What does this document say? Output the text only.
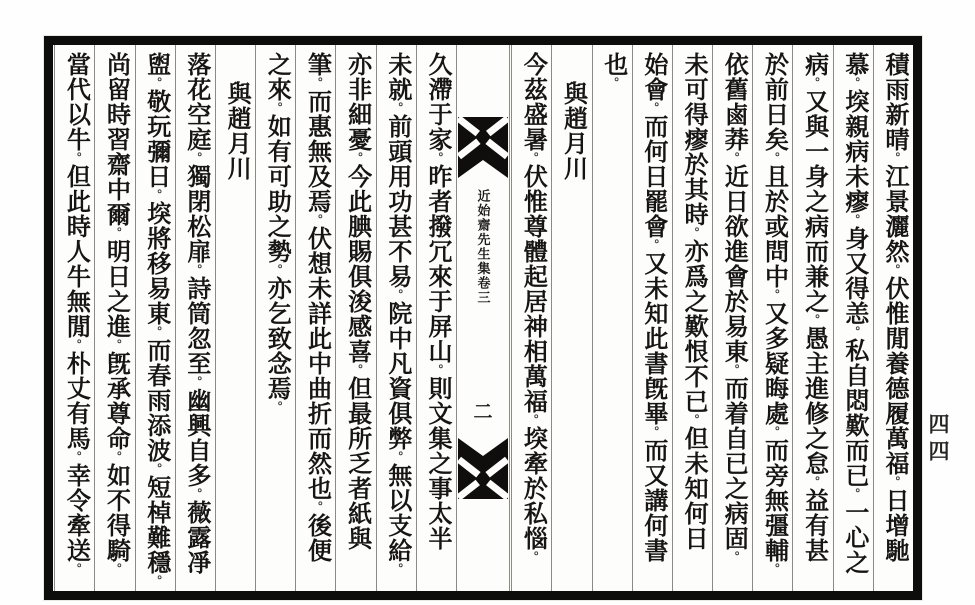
積雨新晴。江景灑然。伏惟閒養德履萬福。日增馳
慕。堗親病未瘳。身又得恙。私自悶歎而已。一心之
病。又與一身之病而兼之。愚主進修之怠。益有甚
於前日矣。且於或問中。又多疑晦處。而旁無彊輔。
依舊鹵莽。近日欲進會於易東。而着自已之病固。
未可得瘳於其時。亦爲之歎恨不已。但未知何日
始會。而何日罷會。又未知此書旣畢。而又講何書
也。
與趙月川
今茲盛暑。伏惟尊體起居神相萬福。堗牽於私惱。
近始齋先生集卷三
二
久滯于家。昨者撥冗來于屏山。則文集之事太半
未就。前頭用功甚不易。院中凡資俱弊。無以支給。
亦非細憂。今此腆賜俱浚感喜。但最所乏者紙與
筆。而惠無及焉。伏想未詳此中曲折而然也。後便
之來。如有可助之勢。亦乞致念焉。
與趙月川
落花空庭。獨閉松扉。詩筒忽至。幽興自多。薇露凈
盥。敬玩彌日。堗將移易東。而春雨添波。短棹難穩。
尚留時習齋中爾。明日之進。旣承尊命。如不得騎。
當代以牛。但此時人牛無閒。朴丈有馬。幸令牽送。
四四
